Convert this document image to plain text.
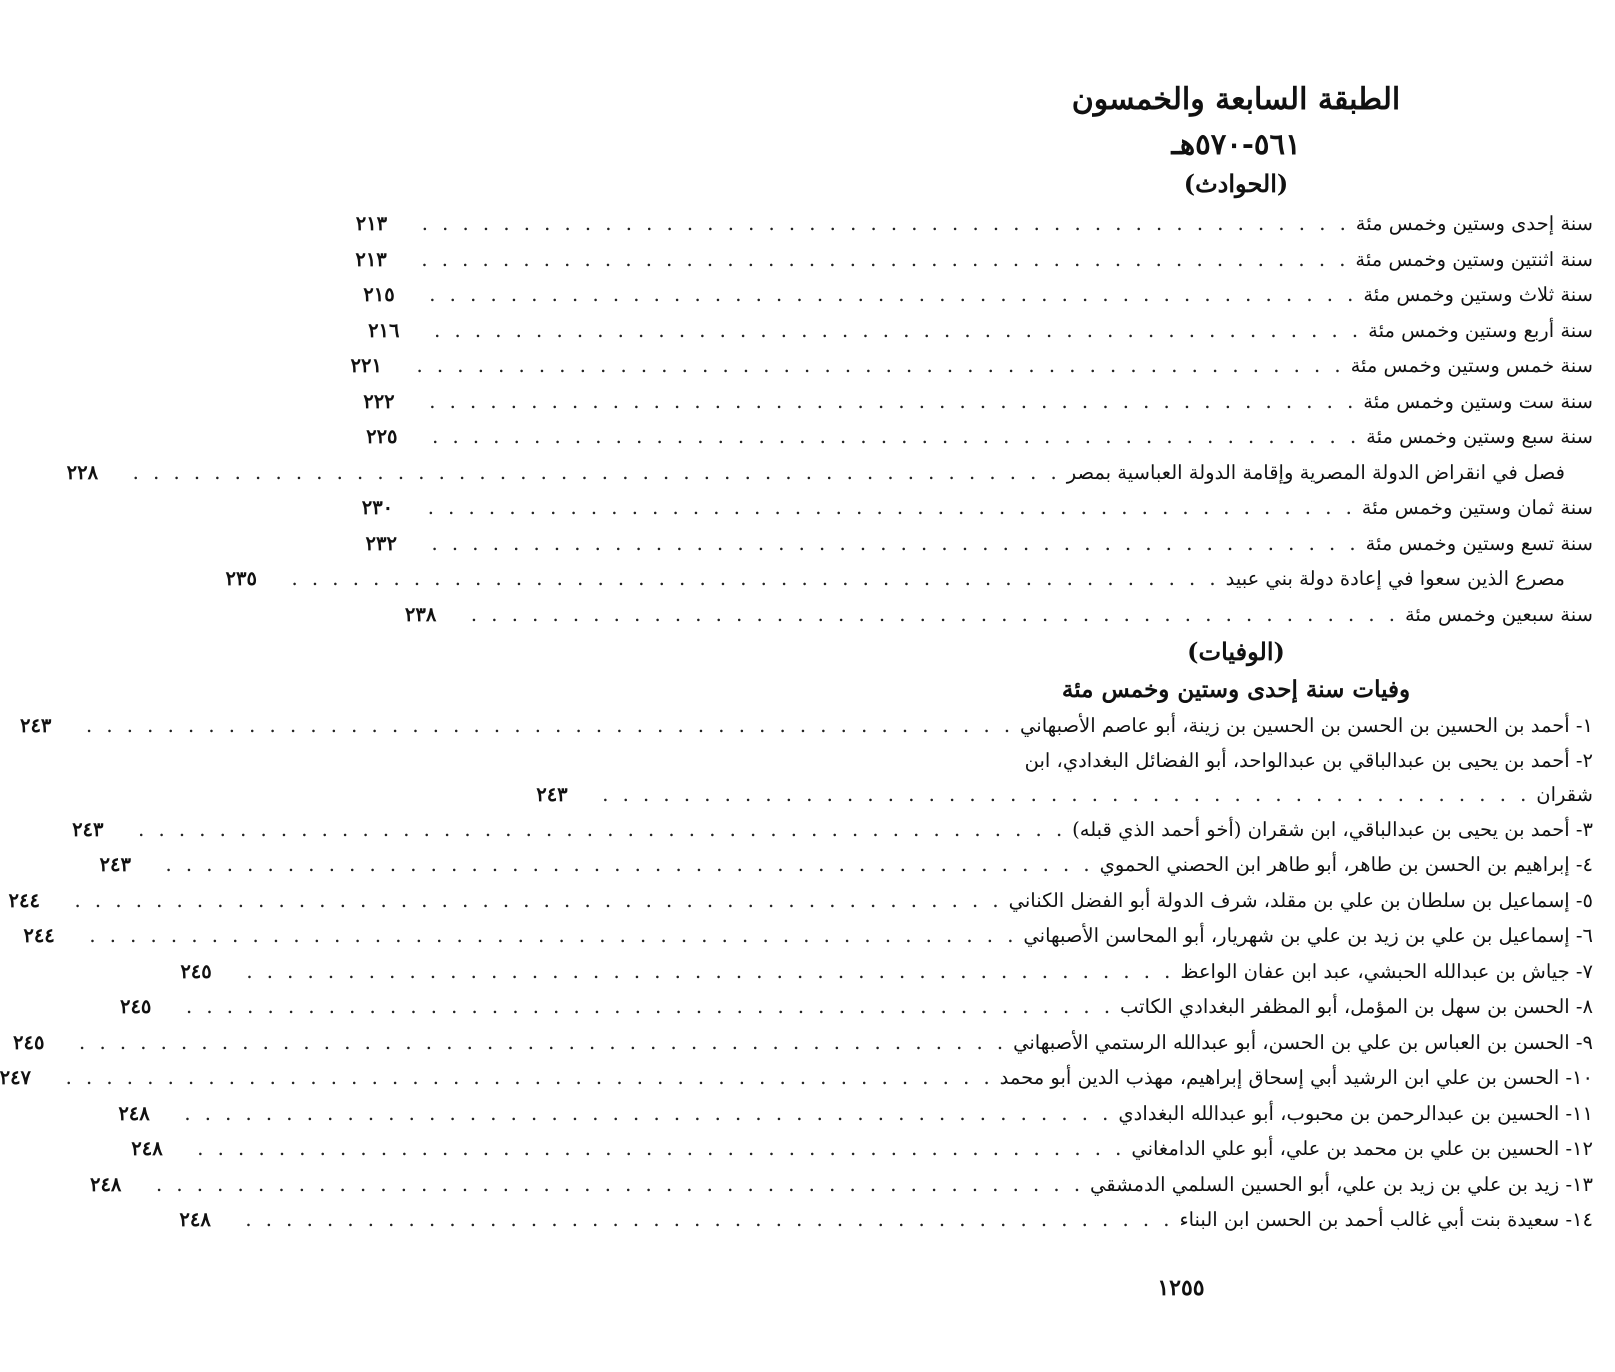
الطبقة السابعة والخمسون
٥٦١-٥٧٠هـ
(الحوادث)
سنة إحدى وستين وخمس مئة
. . . . . . . . . . . . . . . . . . . . . . . . . . . . . . . . . . . . . . . . . . . . . .
٢١٣
سنة اثنتين وستين وخمس مئة
. . . . . . . . . . . . . . . . . . . . . . . . . . . . . . . . . . . . . . . . . . . . . .
٢١٣
سنة ثلاث وستين وخمس مئة
. . . . . . . . . . . . . . . . . . . . . . . . . . . . . . . . . . . . . . . . . . . . . .
٢١٥
سنة أربع وستين وخمس مئة
. . . . . . . . . . . . . . . . . . . . . . . . . . . . . . . . . . . . . . . . . . . . . .
٢١٦
سنة خمس وستين وخمس مئة
. . . . . . . . . . . . . . . . . . . . . . . . . . . . . . . . . . . . . . . . . . . . . .
٢٢١
سنة ست وستين وخمس مئة
. . . . . . . . . . . . . . . . . . . . . . . . . . . . . . . . . . . . . . . . . . . . . .
٢٢٢
سنة سبع وستين وخمس مئة
. . . . . . . . . . . . . . . . . . . . . . . . . . . . . . . . . . . . . . . . . . . . . .
٢٢٥
فصل في انقراض الدولة المصرية وإقامة الدولة العباسية بمصر
. . . . . . . . . . . . . . . . . . . . . . . . . . . . . . . . . . . . . . . . . . . . . .
٢٢٨
سنة ثمان وستين وخمس مئة
. . . . . . . . . . . . . . . . . . . . . . . . . . . . . . . . . . . . . . . . . . . . . .
٢٣٠
سنة تسع وستين وخمس مئة
. . . . . . . . . . . . . . . . . . . . . . . . . . . . . . . . . . . . . . . . . . . . . .
٢٣٢
مصرع الذين سعوا في إعادة دولة بني عبيد
. . . . . . . . . . . . . . . . . . . . . . . . . . . . . . . . . . . . . . . . . . . . . .
٢٣٥
سنة سبعين وخمس مئة
. . . . . . . . . . . . . . . . . . . . . . . . . . . . . . . . . . . . . . . . . . . . . .
٢٣٨
(الوفيات)
وفيات سنة إحدى وستين وخمس مئة
١- أحمد بن الحسين بن الحسن بن الحسين بن زينة، أبو عاصم الأصبهاني
. . . . . . . . . . . . . . . . . . . . . . . . . . . . . . . . . . . . . . . . . . . . . .
٢٤٣
٢- أحمد بن يحيى بن عبدالباقي بن عبدالواحد، أبو الفضائل البغدادي، ابن
شقران
. . . . . . . . . . . . . . . . . . . . . . . . . . . . . . . . . . . . . . . . . . . . . .
٢٤٣
٣- أحمد بن يحيى بن عبدالباقي، ابن شقران (أخو أحمد الذي قبله)
. . . . . . . . . . . . . . . . . . . . . . . . . . . . . . . . . . . . . . . . . . . . . .
٢٤٣
٤- إبراهيم بن الحسن بن طاهر، أبو طاهر ابن الحصني الحموي
. . . . . . . . . . . . . . . . . . . . . . . . . . . . . . . . . . . . . . . . . . . . . .
٢٤٣
٥- إسماعيل بن سلطان بن علي بن مقلد، شرف الدولة أبو الفضل الكناني
. . . . . . . . . . . . . . . . . . . . . . . . . . . . . . . . . . . . . . . . . . . . . .
٢٤٤
٦- إسماعيل بن علي بن زيد بن علي بن شهريار، أبو المحاسن الأصبهاني
. . . . . . . . . . . . . . . . . . . . . . . . . . . . . . . . . . . . . . . . . . . . . .
٢٤٤
٧- جياش بن عبدالله الحبشي، عبد ابن عفان الواعظ
. . . . . . . . . . . . . . . . . . . . . . . . . . . . . . . . . . . . . . . . . . . . . .
٢٤٥
٨- الحسن بن سهل بن المؤمل، أبو المظفر البغدادي الكاتب
. . . . . . . . . . . . . . . . . . . . . . . . . . . . . . . . . . . . . . . . . . . . . .
٢٤٥
٩- الحسن بن العباس بن علي بن الحسن، أبو عبدالله الرستمي الأصبهاني
. . . . . . . . . . . . . . . . . . . . . . . . . . . . . . . . . . . . . . . . . . . . . .
٢٤٥
١٠- الحسن بن علي ابن الرشيد أبي إسحاق إبراهيم، مهذب الدين أبو محمد
. . . . . . . . . . . . . . . . . . . . . . . . . . . . . . . . . . . . . . . . . . . . . .
٢٤٧
١١- الحسين بن عبدالرحمن بن محبوب، أبو عبدالله البغدادي
. . . . . . . . . . . . . . . . . . . . . . . . . . . . . . . . . . . . . . . . . . . . . .
٢٤٨
١٢- الحسين بن علي بن محمد بن علي، أبو علي الدامغاني
. . . . . . . . . . . . . . . . . . . . . . . . . . . . . . . . . . . . . . . . . . . . . .
٢٤٨
١٣- زيد بن علي بن زيد بن علي، أبو الحسين السلمي الدمشقي
. . . . . . . . . . . . . . . . . . . . . . . . . . . . . . . . . . . . . . . . . . . . . .
٢٤٨
١٤- سعيدة بنت أبي غالب أحمد بن الحسن ابن البناء
. . . . . . . . . . . . . . . . . . . . . . . . . . . . . . . . . . . . . . . . . . . . . .
٢٤٨
١٢٥٥
